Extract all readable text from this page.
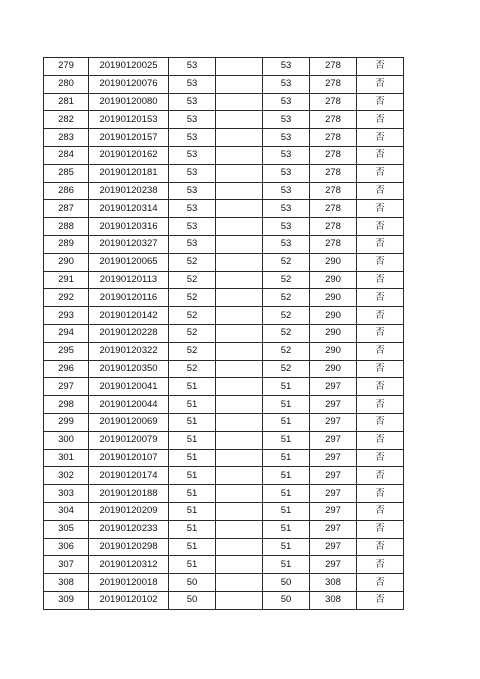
279	20190120025	53		53	278	否
280	20190120076	53		53	278	否
281	20190120080	53		53	278	否
282	20190120153	53		53	278	否
283	20190120157	53		53	278	否
284	20190120162	53		53	278	否
285	20190120181	53		53	278	否
286	20190120238	53		53	278	否
287	20190120314	53		53	278	否
288	20190120316	53		53	278	否
289	20190120327	53		53	278	否
290	20190120065	52		52	290	否
291	20190120113	52		52	290	否
292	20190120116	52		52	290	否
293	20190120142	52		52	290	否
294	20190120228	52		52	290	否
295	20190120322	52		52	290	否
296	20190120350	52		52	290	否
297	20190120041	51		51	297	否
298	20190120044	51		51	297	否
299	20190120069	51		51	297	否
300	20190120079	51		51	297	否
301	20190120107	51		51	297	否
302	20190120174	51		51	297	否
303	20190120188	51		51	297	否
304	20190120209	51		51	297	否
305	20190120233	51		51	297	否
306	20190120298	51		51	297	否
307	20190120312	51		51	297	否
308	20190120018	50		50	308	否
309	20190120102	50		50	308	否
